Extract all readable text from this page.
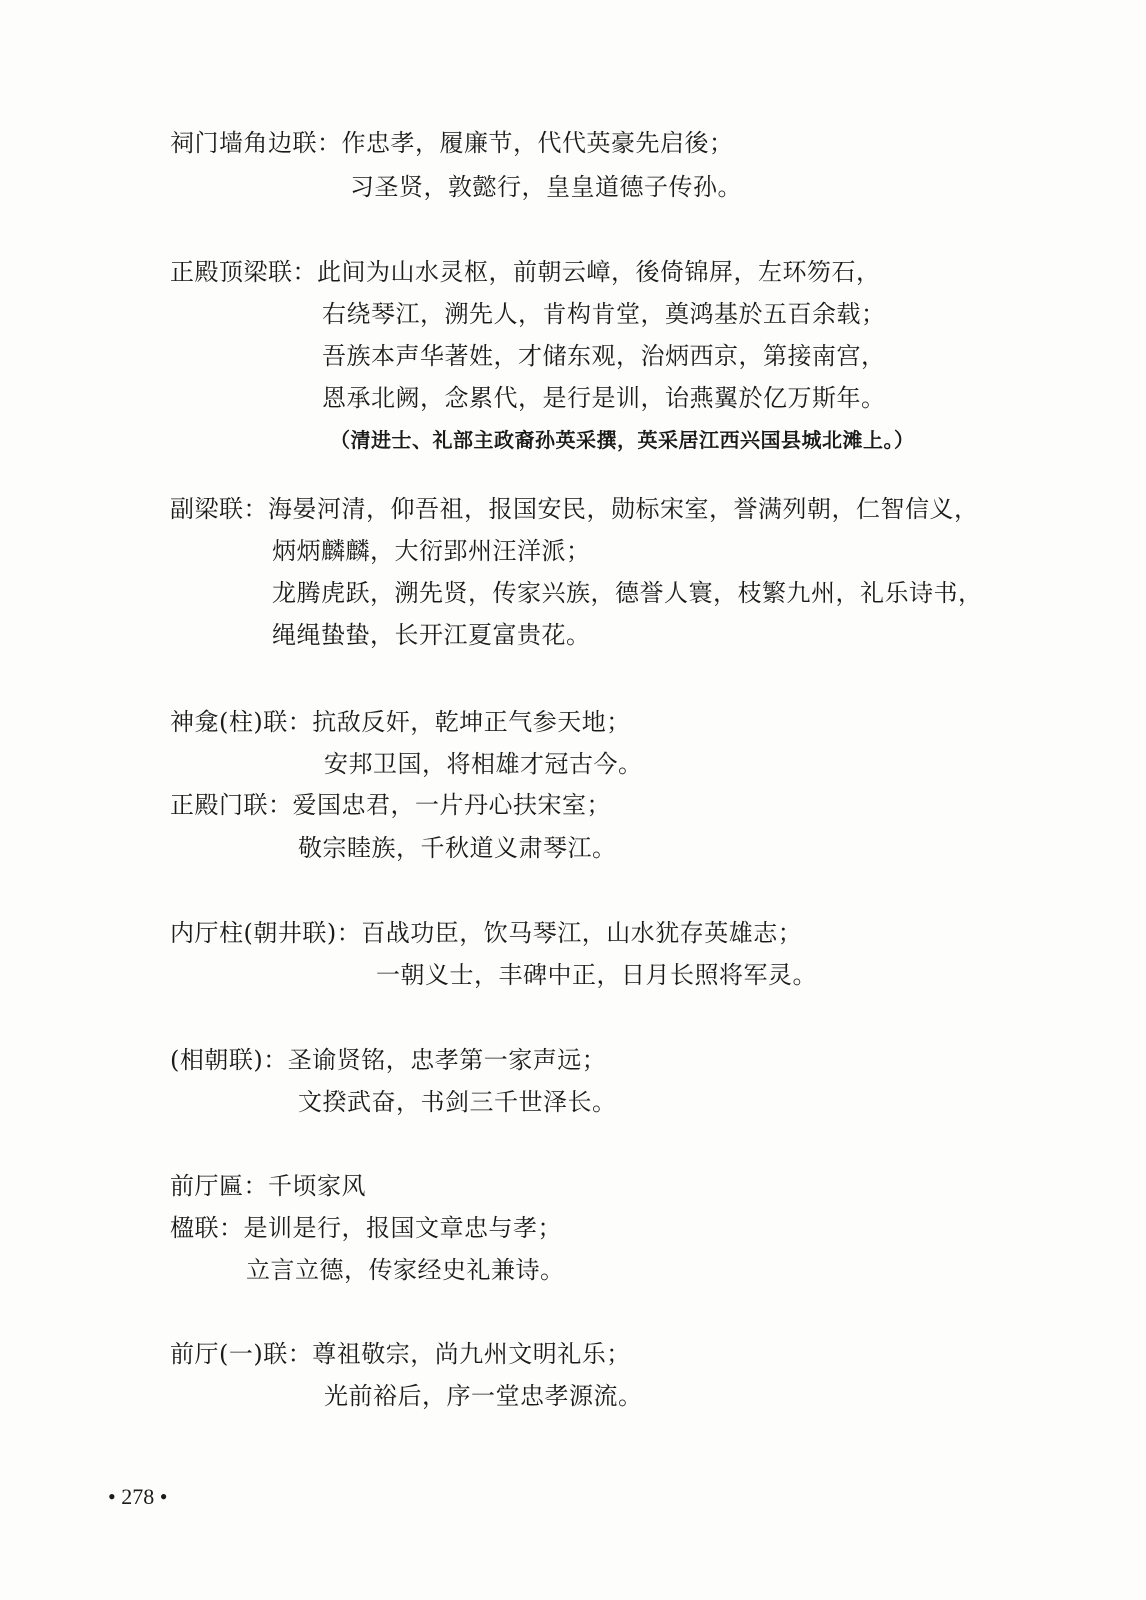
祠门墙角边联：作忠孝，履廉节，代代英豪先启後；
习圣贤，敦懿行，皇皇道德子传孙。
正殿顶梁联：此间为山水灵枢，前朝云嶂，後倚锦屏，左环笏石，
右绕琴江，溯先人，肯构肯堂，奠鸿基於五百余载；
吾族本声华著姓，才储东观，治炳西京，第接南宫，
恩承北阙，念累代，是行是训，诒燕翼於亿万斯年。
（清进士、礼部主政裔孙英采撰，英采居江西兴国县城北滩上。）
副梁联：海晏河清，仰吾祖，报国安民，勋标宋室，誉满列朝，仁智信义，
炳炳麟麟，大衍郢州汪洋派；
龙腾虎跃，溯先贤，传家兴族，德誉人寰，枝繁九州，礼乐诗书，
绳绳蛰蛰，长开江夏富贵花。
神龛(柱)联：抗敌反奸，乾坤正气参天地；
安邦卫国，将相雄才冠古今。
正殿门联：爱国忠君，一片丹心扶宋室；
敬宗睦族，千秋道义肃琴江。
内厅柱(朝井联)：百战功臣，饮马琴江，山水犹存英雄志；
一朝义士，丰碑中正，日月长照将军灵。
(相朝联)：圣谕贤铭，忠孝第一家声远；
文揆武奋，书剑三千世泽长。
前厅匾：千顷家风
楹联：是训是行，报国文章忠与孝；
立言立德，传家经史礼兼诗。
前厅(一)联：尊祖敬宗，尚九州文明礼乐；
光前裕后，序一堂忠孝源流。
• 278 •
